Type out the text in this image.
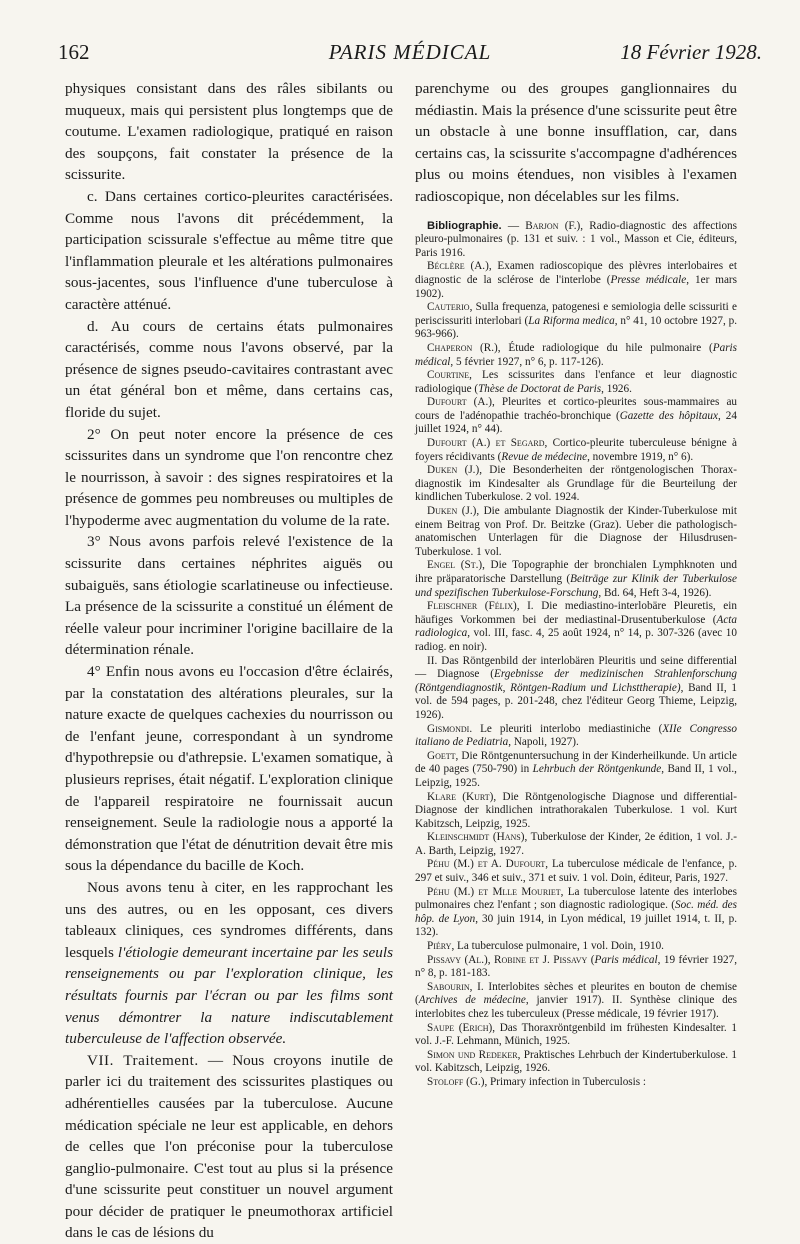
162	PARIS MÉDICAL	18 Février 1928.

physiques consistant dans des râles sibilants ou muqueux, mais qui persistent plus longtemps que de coutume. L'examen radiologique, pratiqué en raison des soupçons, fait constater la présence de la scissurite.

c. Dans certaines cortico-pleurites caractérisées. Comme nous l'avons dit précédemment, la participation scissurale s'effectue au même titre que l'inflammation pleurale et les altérations pulmonaires sous-jacentes, sous l'influence d'une tuberculose à caractère atténué.

d. Au cours de certains états pulmonaires caractérisés, comme nous l'avons observé, par la présence de signes pseudo-cavitaires contrastant avec un état général bon et même, dans certains cas, floride du sujet.

2° On peut noter encore la présence de ces scissurites dans un syndrome que l'on rencontre chez le nourrisson, à savoir : des signes respiratoires et la présence de gommes peu nombreuses ou multiples de l'hypoderme avec augmentation du volume de la rate.

3° Nous avons parfois relevé l'existence de la scissurite dans certaines néphrites aiguës ou subaiguës, sans étiologie scarlatineuse ou infectieuse. La présence de la scissurite a constitué un élément de réelle valeur pour incriminer l'origine bacillaire de la détermination rénale.

4° Enfin nous avons eu l'occasion d'être éclairés, par la constatation des altérations pleurales, sur la nature exacte de quelques cachexies du nourrisson ou de l'enfant jeune, correspondant à un syndrome d'hypothrepsie ou d'athrepsie. L'examen somatique, à plusieurs reprises, était négatif. L'exploration clinique de l'appareil respiratoire ne fournissait aucun renseignement. Seule la radiologie nous a apporté la démonstration que l'état de dénutrition devait être mis sous la dépendance du bacille de Koch.

Nous avons tenu à citer, en les rapprochant les uns des autres, ou en les opposant, ces divers tableaux cliniques, ces syndromes différents, dans lesquels l'étiologie demeurant incertaine par les seuls renseignements ou par l'exploration clinique, les résultats fournis par l'écran ou par les films sont venus démontrer la nature indiscutablement tuberculeuse de l'affection observée.

VII. Traitement. — Nous croyons inutile de parler ici du traitement des scissurites plastiques ou adhérentielles causées par la tuberculose. Aucune médication spéciale ne leur est applicable, en dehors de celles que l'on préconise pour la tuberculose ganglio-pulmonaire. C'est tout au plus si la présence d'une scissurite peut constituer un nouvel argument pour décider de pratiquer le pneumothorax artificiel dans le cas de lésions du

parenchyme ou des groupes ganglionnaires du médiastin. Mais la présence d'une scissurite peut être un obstacle à une bonne insufflation, car, dans certains cas, la scissurite s'accompagne d'adhérences plus ou moins étendues, non visibles à l'examen radioscopique, non décelables sur les films.

Bibliographie. — Barjon (F.), Radio-diagnostic des affections pleuro-pulmonaires (p. 131 et suiv. : 1 vol., Masson et Cie, éditeurs, Paris 1916.
Béclère (A.), Examen radioscopique des plèvres interlobaires et diagnostic de la sclérose de l'interlobe (Presse médicale, 1er mars 1902).
Cauterio, Sulla frequenza, patogenesi e semiologia delle scissuriti e periscissuriti interlobari (La Riforma medica, n° 41, 10 octobre 1927, p. 963-966).
Chaperon (R.), Étude radiologique du hile pulmonaire (Paris médical, 5 février 1927, n° 6, p. 117-126).
Courtine, Les scissurites dans l'enfance et leur diagnostic radiologique (Thèse de Doctorat de Paris, 1926.
Dufourt (A.), Pleurites et cortico-pleurites sous-mammaires au cours de l'adénopathie trachéo-bronchique (Gazette des hôpitaux, 24 juillet 1924, n° 44).
Dufourt (A.) et Segard, Cortico-pleurite tuberculeuse bénigne à foyers récidivants (Revue de médecine, novembre 1919, n° 6).
Duken (J.), Die Besonderheiten der röntgenologischen Thorax-diagnostik im Kindesalter als Grundlage für die Beurteilung der kindlichen Tuberkulose. 2 vol. 1924.
Duken (J.), Die ambulante Diagnostik der Kinder-Tuberkulose mit einem Beitrag von Prof. Dr. Beitzke (Graz). Ueber die pathologisch-anatomischen Unterlagen für die Diagnose der Hilusdrusen-Tuberkulose. 1 vol.
Engel (St.), Die Topographie der bronchialen Lymphknoten und ihre präparatorische Darstellung (Beiträge zur Klinik der Tuberkulose und spezifischen Tuberkulose-Forschung, Bd. 64, Heft 3-4, 1926).
Fleischner (Félix), I. Die mediastino-interlobäre Pleuretis, ein häufiges Vorkommen bei der mediastinal-Drusentuberkulose (Acta radiologica, vol. III, fasc. 4, 25 août 1924, n° 14, p. 307-326 (avec 10 radiog. en noir).
II. Das Röntgenbild der interlobären Pleuritis und seine differential — Diagnose (Ergebnisse der medizinischen Strahlenforschung (Röntgendiagnostik, Röntgen-Radium und Lichsttherapie), Band II, 1 vol. de 594 pages, p. 201-248, chez l'éditeur Georg Thieme, Leipzig, 1926).
Gismondi. Le pleuriti interlobo mediastiniche (XIIe Congresso italiano de Pediatria, Napoli, 1927).
Goett, Die Röntgenuntersuchung in der Kinderheilkunde. Un article de 40 pages (750-790) in Lehrbuch der Röntgenkunde, Band II, 1 vol., Leipzig, 1925.
Klare (Kurt), Die Röntgenologische Diagnose und differential-Diagnose der kindlichen intrathorakalen Tuberkulose. 1 vol. Kurt Kabitzsch, Leipzig, 1925.
Kleinschmidt (Hans), Tuberkulose der Kinder, 2e édition, 1 vol. J.-A. Barth, Leipzig, 1927.
Péhu (M.) et A. Dufourt, La tuberculose médicale de l'enfance, p. 297 et suiv., 346 et suiv., 371 et suiv. 1 vol. Doin, éditeur, Paris, 1927.
Péhu (M.) et Mlle Mouriet, La tuberculose latente des interlobes pulmonaires chez l'enfant ; son diagnostic radiologique. (Soc. méd. des hôp. de Lyon, 30 juin 1914, in Lyon médical, 19 juillet 1914, t. II, p. 132).
Piéry, La tuberculose pulmonaire, 1 vol. Doin, 1910.
Pissavy (Al.), Robine et J. Pissavy (Paris médical, 19 février 1927, n° 8, p. 181-183.
Sabourin, I. Interlobites sèches et pleurites en bouton de chemise (Archives de médecine, janvier 1917). II. Synthèse clinique des interlobites chez les tuberculeux (Presse médicale, 19 février 1917).
Saupe (Erich), Das Thoraxröntgenbild im frühesten Kindesalter. 1 vol. J.-F. Lehmann, Münich, 1925.
Simon und Redeker, Praktisches Lehrbuch der Kindertuberkulose. 1 vol. Kabitzsch, Leipzig, 1926.
Stoloff (G.), Primary infection in Tuberculosis :
